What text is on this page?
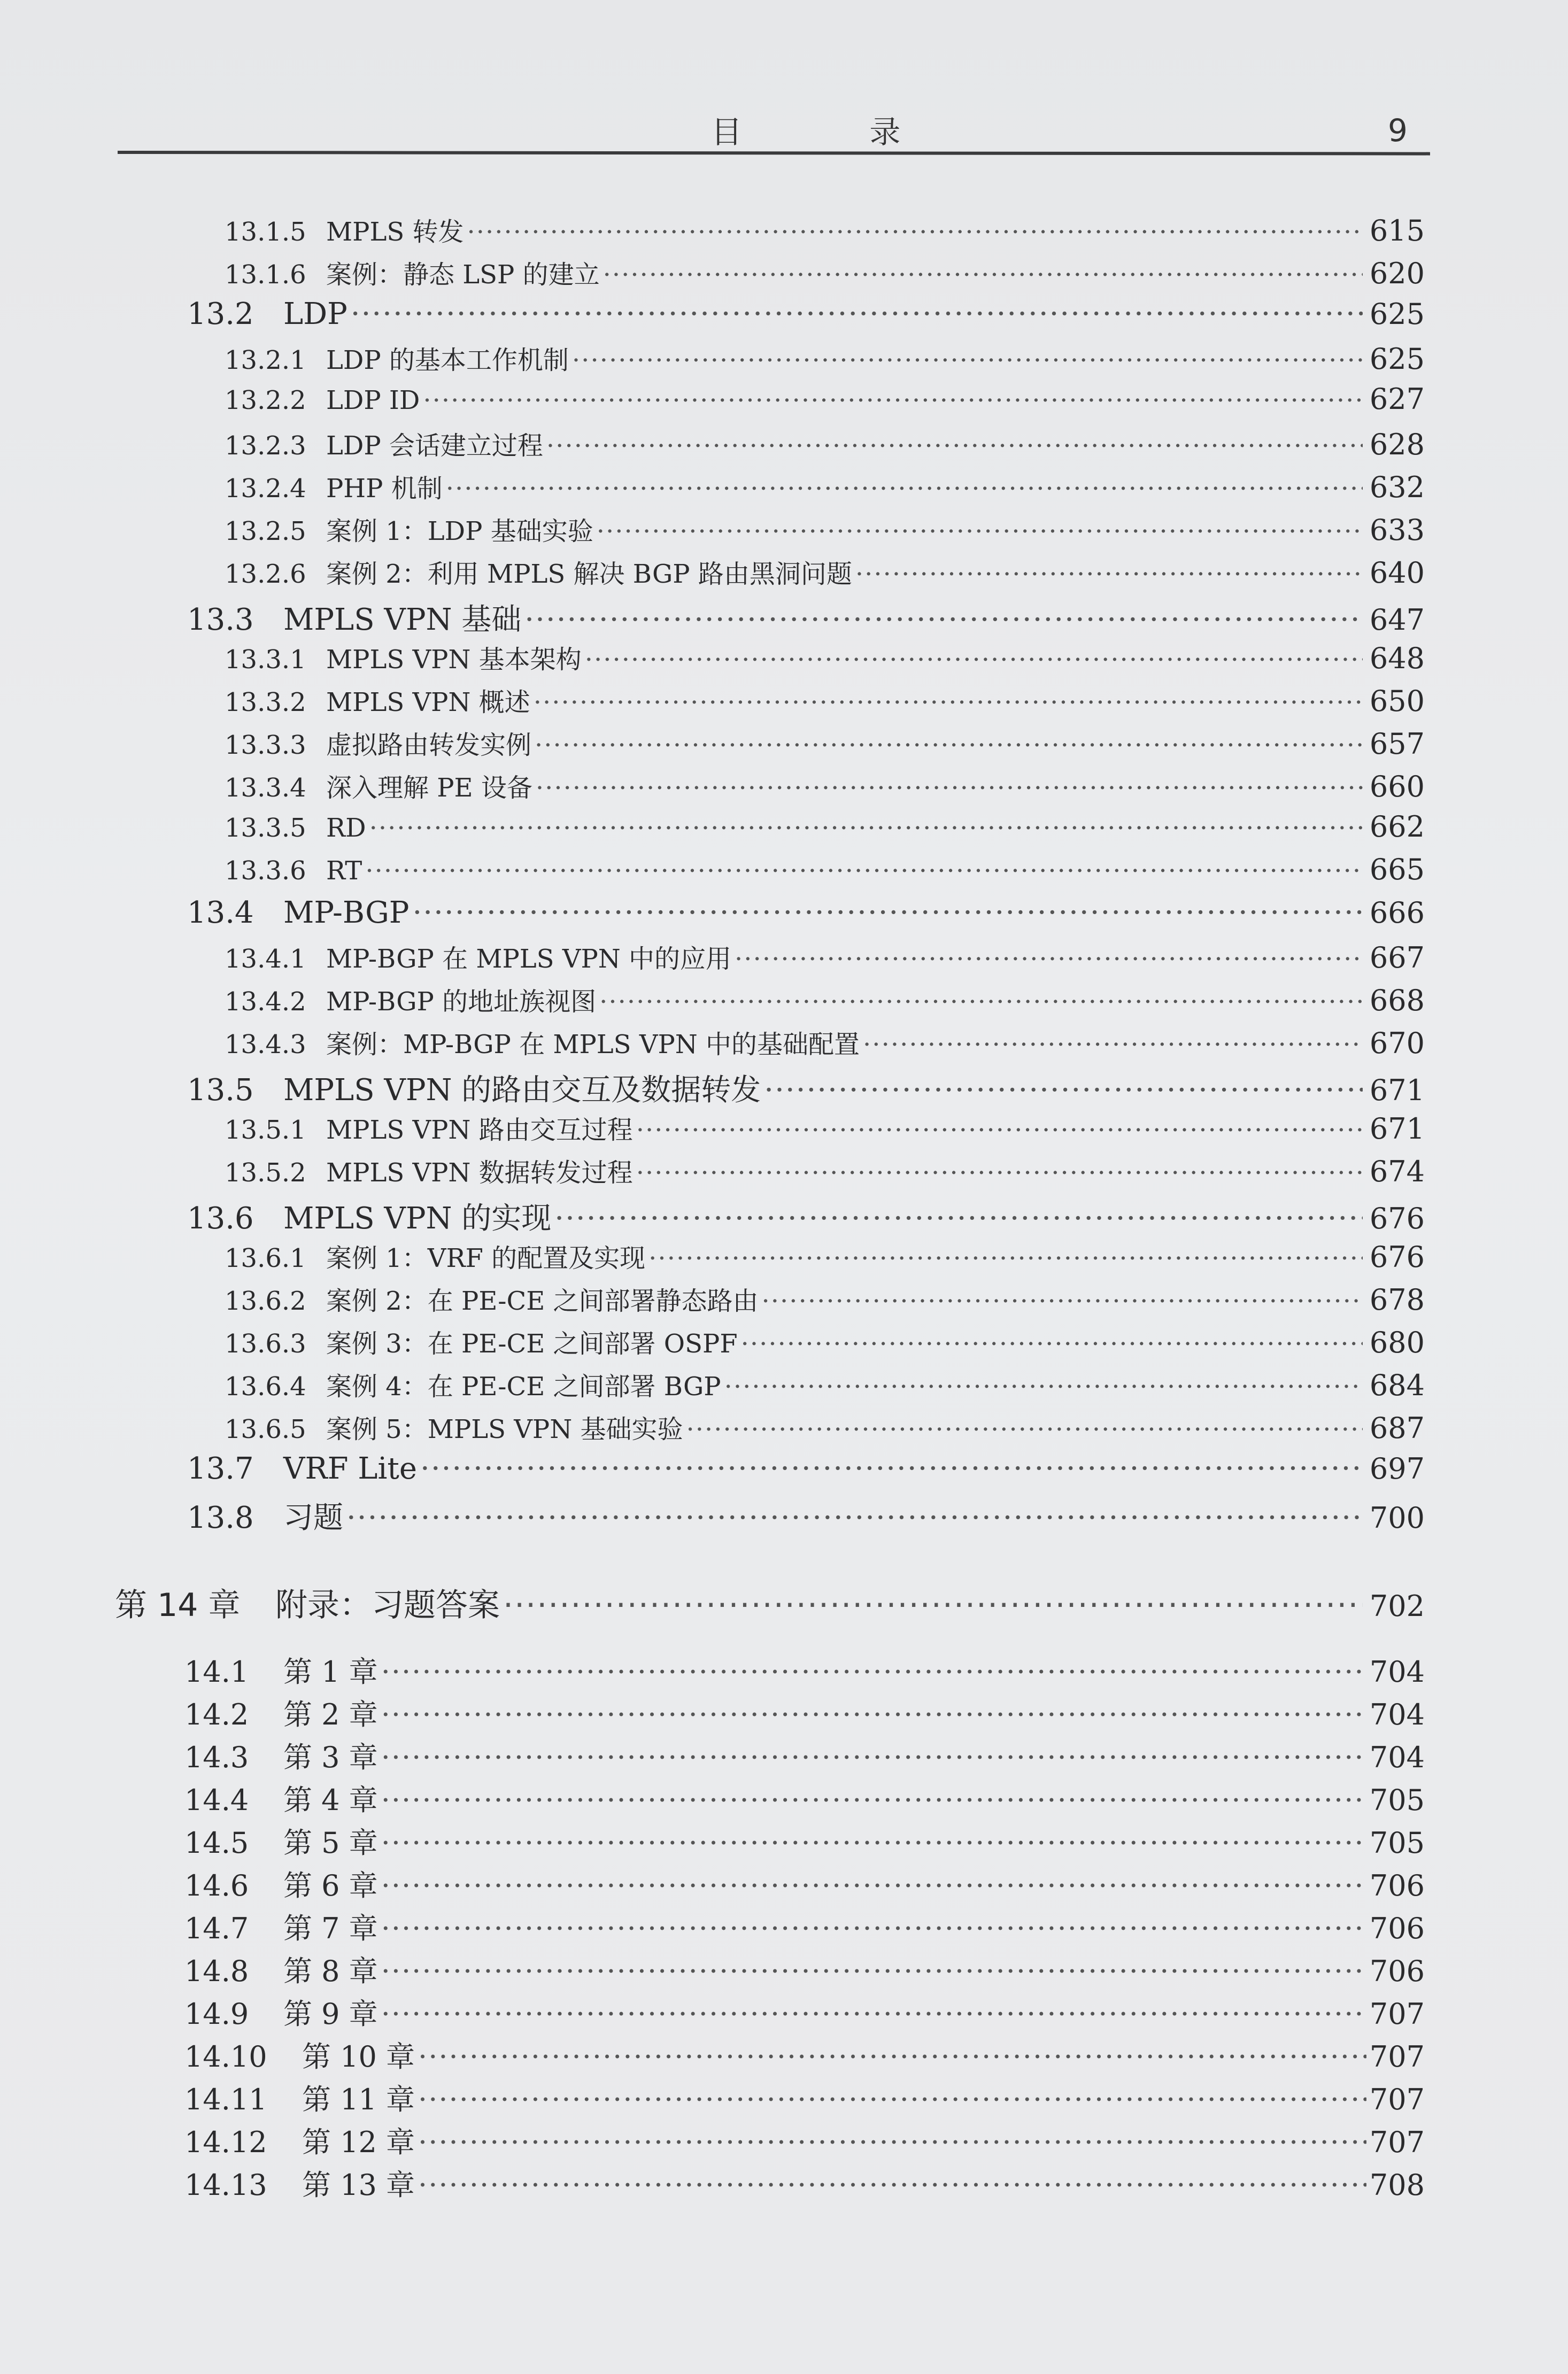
目 录	9
13.1.5 MPLS 转发 ·····	615
13.1.6 案例：静态 LSP 的建立 ·····	620
13.2 LDP ·····	625
13.2.1 LDP 的基本工作机制 ·····	625
13.2.2 LDP ID ·····	627
13.2.3 LDP 会话建立过程 ·····	628
13.2.4 PHP 机制 ·····	632
13.2.5 案例 1：LDP 基础实验 ·····	633
13.2.6 案例 2：利用 MPLS 解决 BGP 路由黑洞问题 ·····	640
13.3 MPLS VPN 基础 ·····	647
13.3.1 MPLS VPN 基本架构 ·····	648
13.3.2 MPLS VPN 概述 ·····	650
13.3.3 虚拟路由转发实例 ·····	657
13.3.4 深入理解 PE 设备 ·····	660
13.3.5 RD ·····	662
13.3.6 RT ·····	665
13.4 MP-BGP ·····	666
13.4.1 MP-BGP 在 MPLS VPN 中的应用 ·····	667
13.4.2 MP-BGP 的地址族视图 ·····	668
13.4.3 案例：MP-BGP 在 MPLS VPN 中的基础配置 ·····	670
13.5 MPLS VPN 的路由交互及数据转发 ·····	671
13.5.1 MPLS VPN 路由交互过程 ·····	671
13.5.2 MPLS VPN 数据转发过程 ·····	674
13.6 MPLS VPN 的实现 ·····	676
13.6.1 案例 1：VRF 的配置及实现 ·····	676
13.6.2 案例 2：在 PE-CE 之间部署静态路由 ·····	678
13.6.3 案例 3：在 PE-CE 之间部署 OSPF ·····	680
13.6.4 案例 4：在 PE-CE 之间部署 BGP ·····	684
13.6.5 案例 5：MPLS VPN 基础实验 ·····	687
13.7 VRF Lite ·····	697
13.8 习题 ·····	700
第 14 章	附录：习题答案 ·····	702
14.1	第 1 章 ·····	704
14.2	第 2 章 ·····	704
14.3	第 3 章 ·····	704
14.4	第 4 章 ·····	705
14.5	第 5 章 ·····	705
14.6	第 6 章 ·····	706
14.7	第 7 章 ·····	706
14.8	第 8 章 ·····	706
14.9	第 9 章 ·····	707
14.10	第 10 章 ·····	707
14.11	第 11 章 ·····	707
14.12	第 12 章 ·····	707
14.13	第 13 章 ·····	708
